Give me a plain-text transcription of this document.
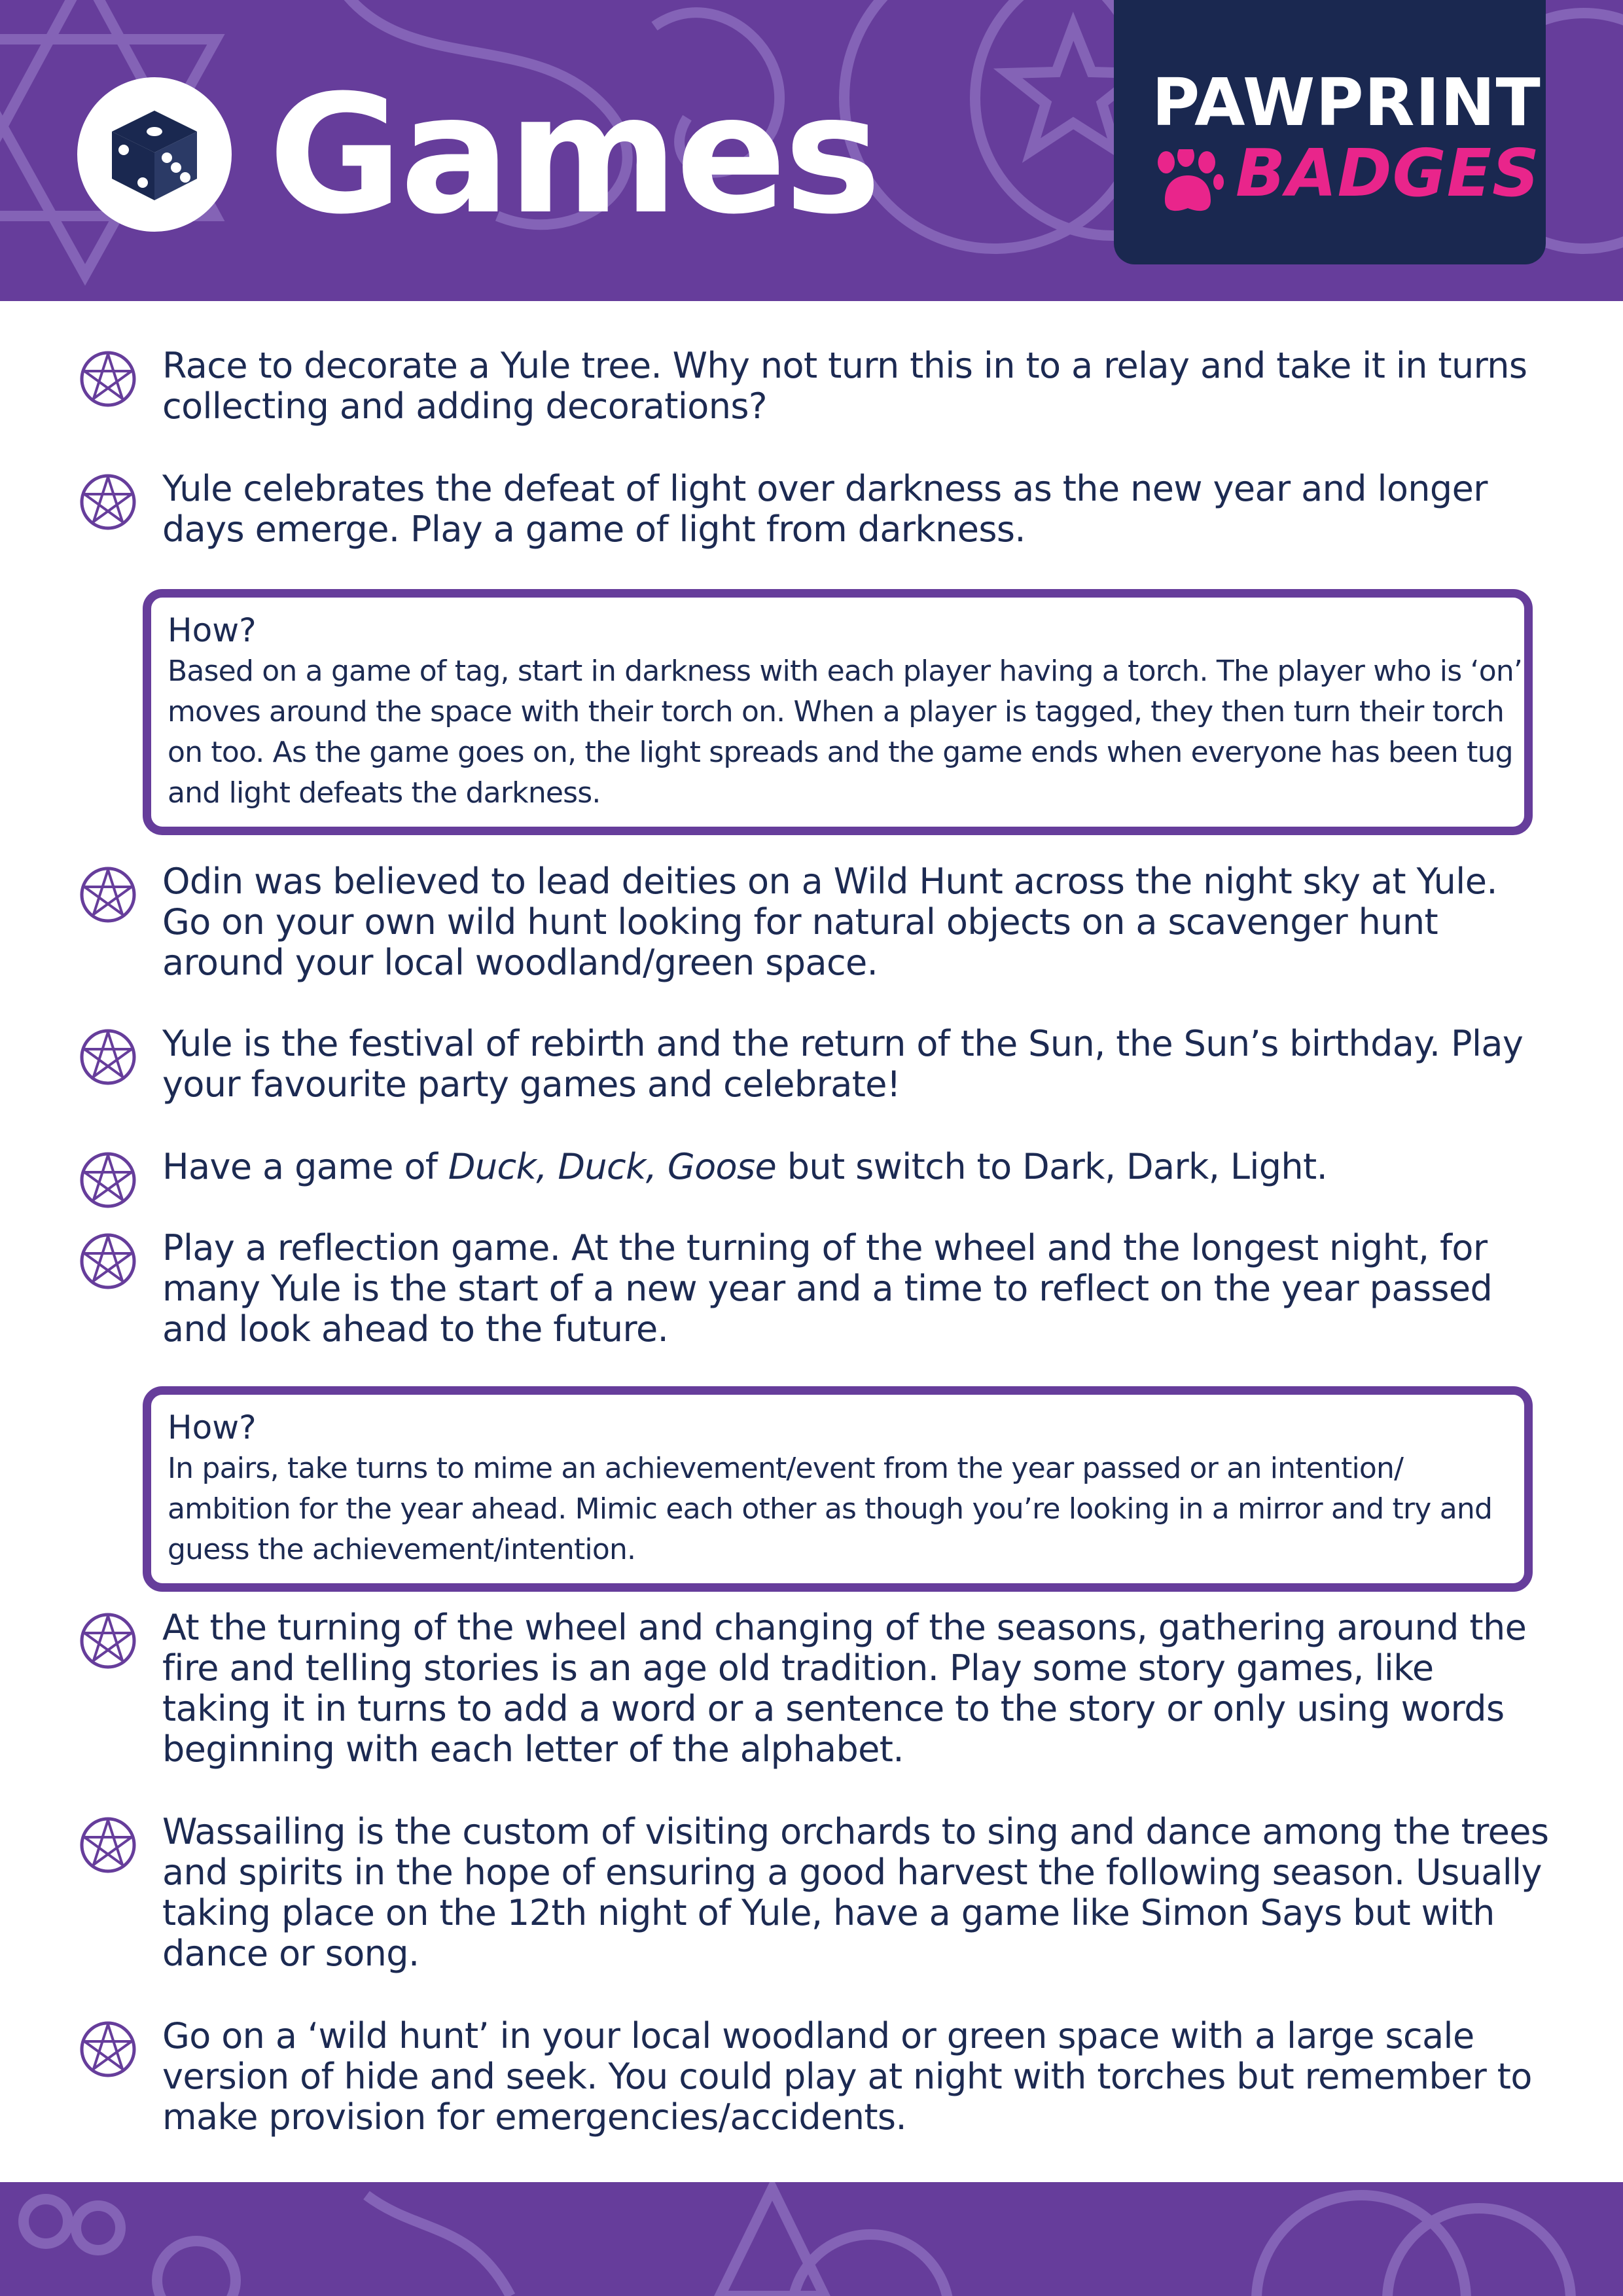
Games	PAWPRINT
BADGES

Race to decorate a Yule tree. Why not turn this in to a relay and take it in turns collecting and adding decorations?

Yule celebrates the defeat of light over darkness as the new year and longer days emerge. Play a game of light from darkness.

How?

Based on a game of tag, start in darkness with each player having a torch. The player who is ‘on’ moves around the space with their torch on. When a player is tagged, they then turn their torch on too. As the game goes on, the light spreads and the game ends when everyone has been tug and light defeats the darkness.

Odin was believed to lead deities on a Wild Hunt across the night sky at Yule. Go on your own wild hunt looking for natural objects on a scavenger hunt around your local woodland/green space.

Yule is the festival of rebirth and the return of the Sun, the Sun’s birthday. Play your favourite party games and celebrate!

Have a game of Duck, Duck, Goose but switch to Dark, Dark, Light.

Play a reflection game. At the turning of the wheel and the longest night, for many Yule is the start of a new year and a time to reflect on the year passed and look ahead to the future.

How?

In pairs, take turns to mime an achievement/event from the year passed or an intention/ ambition for the year ahead. Mimic each other as though you’re looking in a mirror and try and guess the achievement/intention.

At the turning of the wheel and changing of the seasons, gathering around the fire and telling stories is an age old tradition. Play some story games, like taking it in turns to add a word or a sentence to the story or only using words beginning with each letter of the alphabet.

Wassailing is the custom of visiting orchards to sing and dance among the trees and spirits in the hope of ensuring a good harvest the following season. Usually taking place on the 12th night of Yule, have a game like Simon Says but with dance or song.

Go on a ‘wild hunt’ in your local woodland or green space with a large scale version of hide and seek. You could play at night with torches but remember to make provision for emergencies/accidents.
